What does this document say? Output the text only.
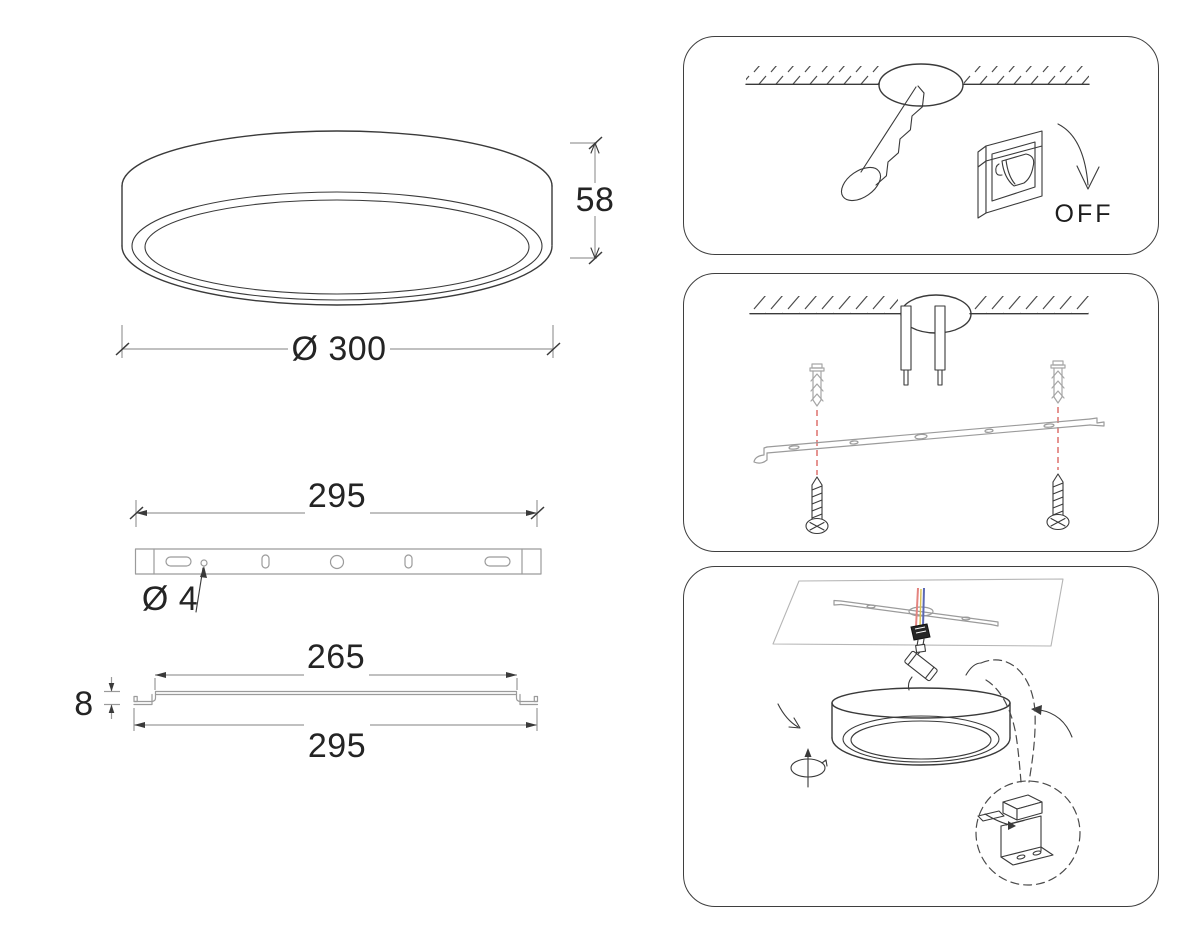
58
Ø 300
295
Ø 4
265
8
295
OFF
